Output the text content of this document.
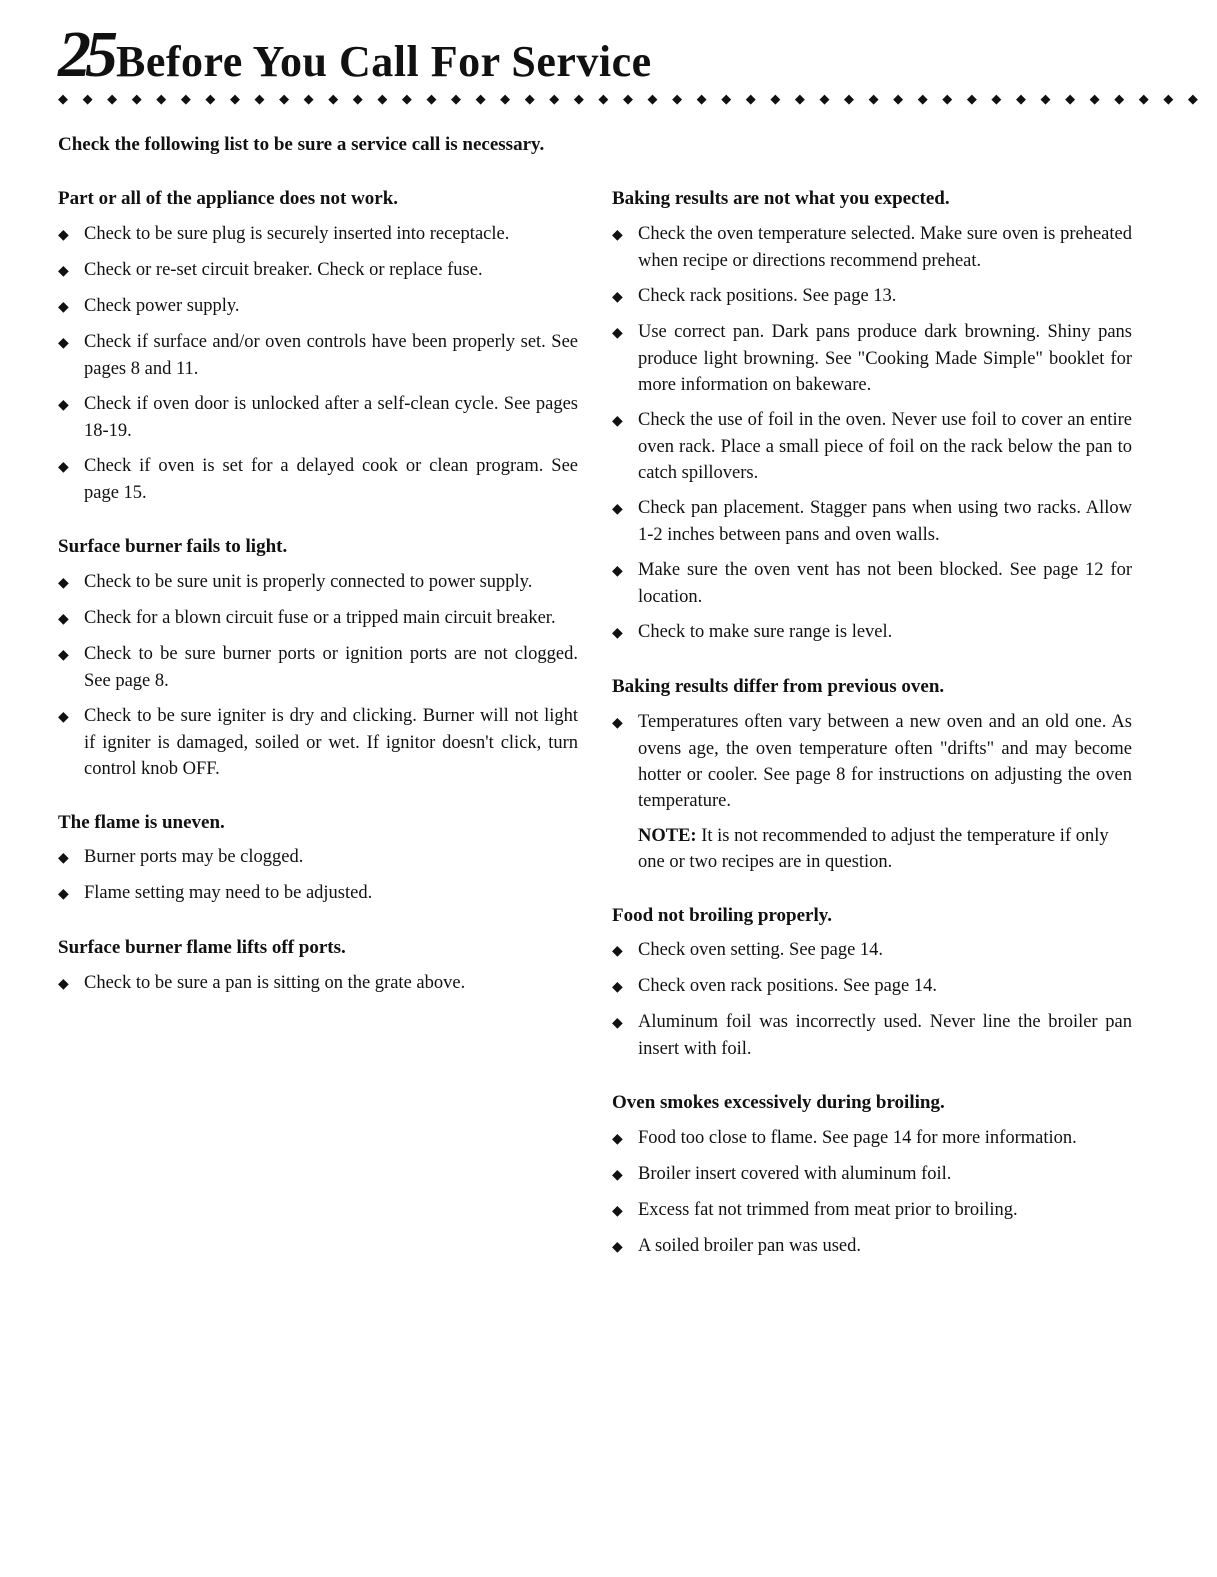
25 Before You Call For Service
◆ ◆ ◆ ◆ ◆ ◆ ◆ ◆ ◆ ◆ ◆ ◆ ◆ ◆ ◆ ◆ ◆ ◆ ◆ ◆ ◆ ◆ ◆ ◆ ◆ ◆ ◆ ◆ ◆ ◆ ◆ ◆ ◆ ◆ ◆ ◆ ◆ ◆ ◆ ◆ ◆ ◆ ◆ ◆ ◆ ◆ ◆
Check the following list to be sure a service call is necessary.
Part or all of the appliance does not work.

◆ Check to be sure plug is securely inserted into receptacle.

◆ Check or re-set circuit breaker. Check or replace fuse.

◆ Check power supply.

◆ Check if surface and/or oven controls have been properly set. See pages 8 and 11.

◆ Check if oven door is unlocked after a self-clean cycle. See pages 18-19.

◆ Check if oven is set for a delayed cook or clean program. See page 15.

Surface burner fails to light.

◆ Check to be sure unit is properly connected to power supply.

◆ Check for a blown circuit fuse or a tripped main circuit breaker.

◆ Check to be sure burner ports or ignition ports are not clogged. See page 8.

◆ Check to be sure igniter is dry and clicking. Burner will not light if igniter is damaged, soiled or wet. If ignitor doesn't click, turn control knob OFF.

The flame is uneven.

◆ Burner ports may be clogged.

◆ Flame setting may need to be adjusted.

Surface burner flame lifts off ports.

◆ Check to be sure a pan is sitting on the grate above.

Baking results are not what you expected.

◆ Check the oven temperature selected. Make sure oven is preheated when recipe or directions recommend preheat.

◆ Check rack positions. See page 13.

◆ Use correct pan. Dark pans produce dark browning. Shiny pans produce light browning. See "Cooking Made Simple" booklet for more information on bakeware.

◆ Check the use of foil in the oven. Never use foil to cover an entire oven rack. Place a small piece of foil on the rack below the pan to catch spillovers.

◆ Check pan placement. Stagger pans when using two racks. Allow 1-2 inches between pans and oven walls.

◆ Make sure the oven vent has not been blocked. See page 12 for location.

◆ Check to make sure range is level.

Baking results differ from previous oven.

◆ Temperatures often vary between a new oven and an old one. As ovens age, the oven temperature often "drifts" and may become hotter or cooler. See page 8 for instructions on adjusting the oven temperature.

NOTE: It is not recommended to adjust the temperature if only one or two recipes are in question.

Food not broiling properly.

◆ Check oven setting. See page 14.

◆ Check oven rack positions. See page 14.

◆ Aluminum foil was incorrectly used. Never line the broiler pan insert with foil.

Oven smokes excessively during broiling.

◆ Food too close to flame. See page 14 for more information.

◆ Broiler insert covered with aluminum foil.

◆ Excess fat not trimmed from meat prior to broiling.

◆ A soiled broiler pan was used.
